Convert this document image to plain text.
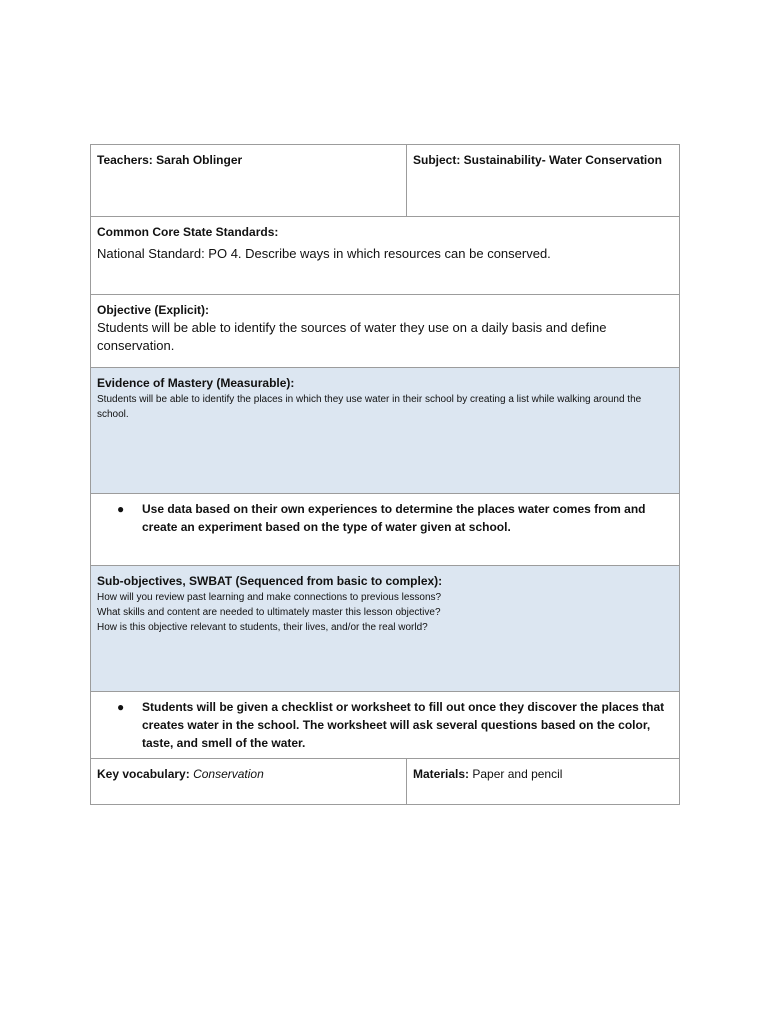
Teachers: Sarah Oblinger	Subject: Sustainability- Water Conservation

Common Core State Standards:

National Standard: PO 4. Describe ways in which resources can be conserved.	

Objective (Explicit):

Students will be able to identify the sources of water they use on a daily basis and define conservation.	

Evidence of Mastery (Measurable):

Students will be able to identify the places in which they use water in their school by creating a list while walking around the school.	

● Use data based on their own experiences to determine the places water comes from and create an experiment based on the type of water given at school.	

Sub-objectives, SWBAT (Sequenced from basic to complex):

How will you review past learning and make connections to previous lessons?

What skills and content are needed to ultimately master this lesson objective?

How is this objective relevant to students, their lives, and/or the real world?	

● Students will be given a checklist or worksheet to fill out once they discover the places that creates water in the school. The worksheet will ask several questions based on the color, taste, and smell of the water.	

Key vocabulary: Conservation	Materials: Paper and pencil
